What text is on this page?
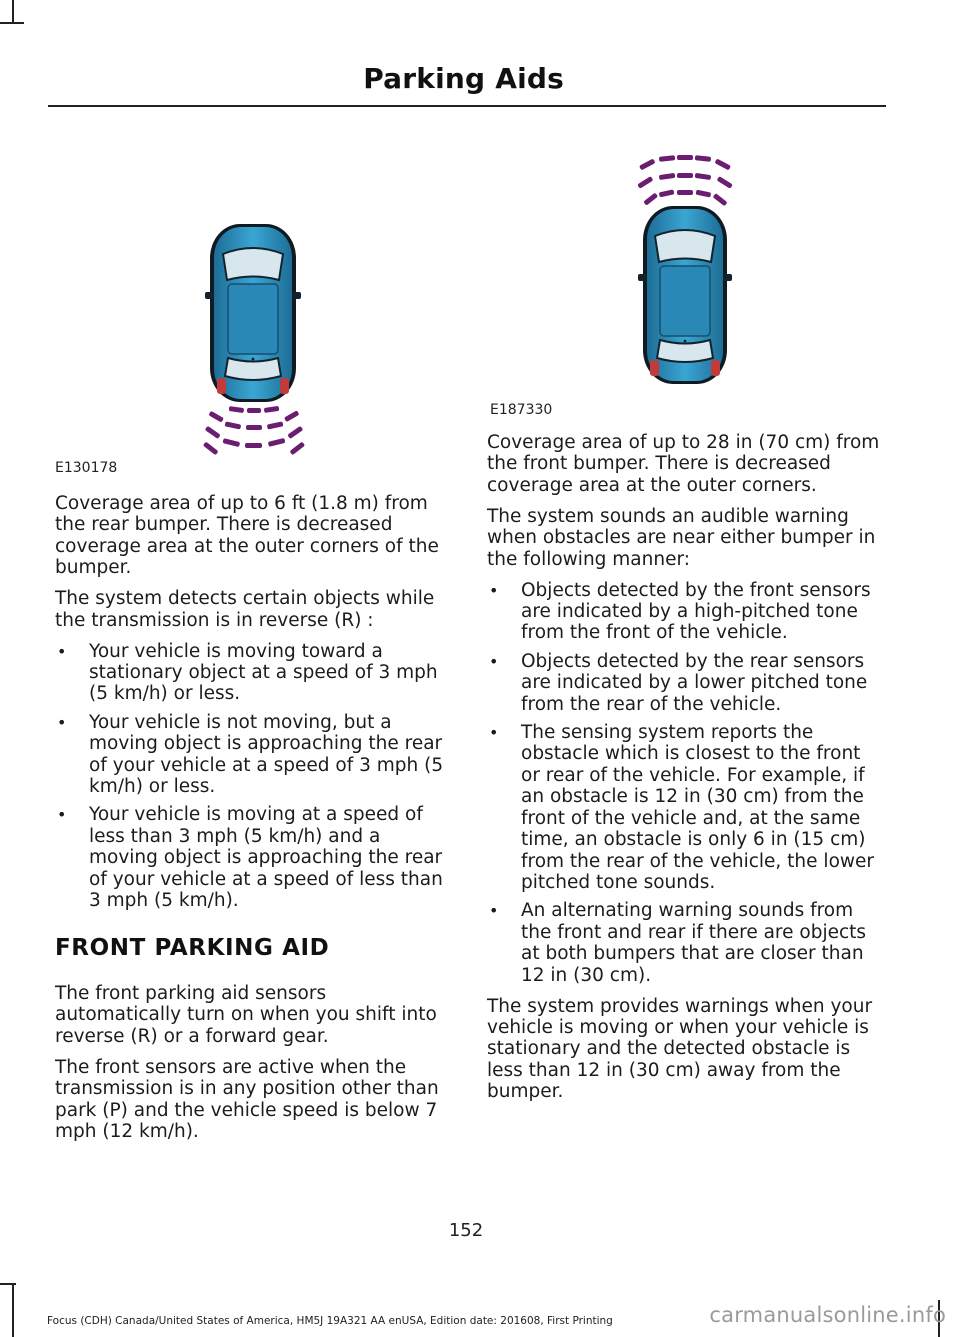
Parking Aids
E130178
E187330

Coverage area of up to 6 ft (1.8 m) from the rear bumper. There is decreased coverage area at the outer corners of the bumper.

The system detects certain objects while the transmission is in reverse (R) :

• Your vehicle is moving toward a stationary object at a speed of 3 mph (5 km/h) or less.
• Your vehicle is not moving, but a moving object is approaching the rear of your vehicle at a speed of 3 mph (5 km/h) or less.
• Your vehicle is moving at a speed of less than 3 mph (5 km/h) and a moving object is approaching the rear of your vehicle at a speed of less than 3 mph (5 km/h).
FRONT PARKING AID

The front parking aid sensors automatically turn on when you shift into reverse (R) or a forward gear.

The front sensors are active when the transmission is in any position other than park (P) and the vehicle speed is below 7 mph (12 km/h).

Coverage area of up to 28 in (70 cm) from the front bumper. There is decreased coverage area at the outer corners.

The system sounds an audible warning when obstacles are near either bumper in the following manner:

• Objects detected by the front sensors are indicated by a high-pitched tone from the front of the vehicle.
• Objects detected by the rear sensors are indicated by a lower pitched tone from the rear of the vehicle.
• The sensing system reports the obstacle which is closest to the front or rear of the vehicle. For example, if an obstacle is 12 in (30 cm) from the front of the vehicle and, at the same time, an obstacle is only 6 in (15 cm) from the rear of the vehicle, the lower pitched tone sounds.
• An alternating warning sounds from the front and rear if there are objects at both bumpers that are closer than 12 in (30 cm).

The system provides warnings when your vehicle is moving or when your vehicle is stationary and the detected obstacle is less than 12 in (30 cm) away from the bumper.

152
Focus (CDH) Canada/United States of America, HM5J 19A321 AA enUSA, Edition date: 201608, First Printing	carmanualsonline.info
